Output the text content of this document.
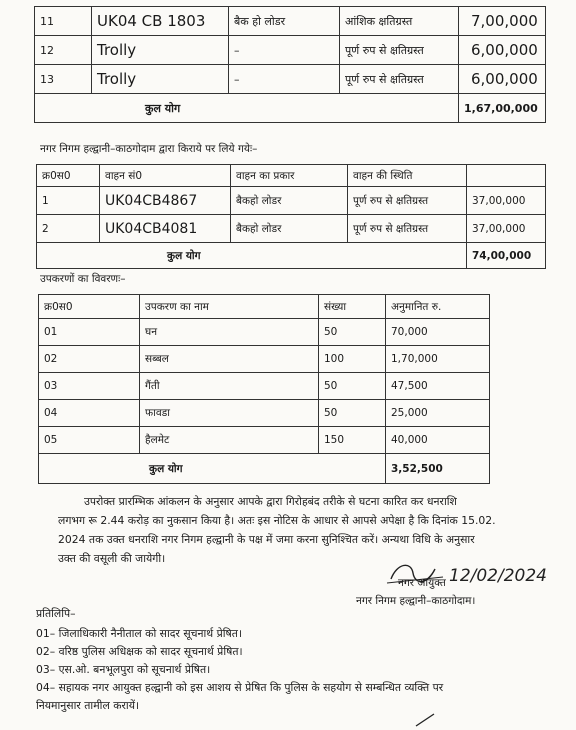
11	UK04 CB 1803	बैक हो लोडर	आंशिक क्षतिग्रस्त	7,00,000
12	Trolly	–	पूर्ण रुप से क्षतिग्रस्त	6,00,000
13	Trolly	–	पूर्ण रुप से क्षतिग्रस्त	6,00,000
कुल योग				1,67,00,000
नगर निगम हल्द्वानी–काठगोदाम द्वारा किराये पर लिये गयेः–
क्र0स0	वाहन सं0	वाहन का प्रकार	वाहन की स्थिति	
1	UK04CB4867	बैकहो लोडर	पूर्ण रुप से क्षतिग्रस्त	37,00,000
2	UK04CB4081	बैकहो लोडर	पूर्ण रुप से क्षतिग्रस्त	37,00,000
कुल योग				74,00,000
उपकरणों का विवरणः–
क्र0स0	उपकरण का नाम	संख्या	अनुमानित रु.
01	घन	50	70,000
02	सब्बल	100	1,70,000
03	गैंती	50	47,500
04	फावडा	50	25,000
05	हैलमेट	150	40,000
कुल योग			3,52,500
उपरोक्त प्रारम्भिक आंकलन के अनुसार आपके द्वारा गिरोहबंद तरीके से घटना कारित कर धनराशि
लगभग रू 2.44 करोड़ का नुकसान किया है। अतः इस नोटिस के आधार से आपसे अपेक्षा है कि दिनांक 15.02.
2024 तक उक्त धनराशि नगर निगम हल्द्वानी के पक्ष में जमा करना सुनिश्चित करें। अन्यथा विधि के अनुसार
उक्त की वसूली की जायेगी।
12/02/2024
नगर आयुक्त
नगर निगम हल्द्वानी–काठगोदाम।
प्रतिलिपि–
01– जिलाधिकारी नैनीताल को सादर सूचनार्थ प्रेषित।
02– वरिष्ठ पुलिस अधिक्षक को सादर सूचनार्थ प्रेषित।
03– एस.ओ. बनभूलपुरा को सूचनार्थ प्रेषित।
04– सहायक नगर आयुक्त हल्द्वानी को इस आशय से प्रेषित कि पुलिस के सहयोग से सम्बन्धित व्यक्ति पर
नियमानुसार तामील करायें।
